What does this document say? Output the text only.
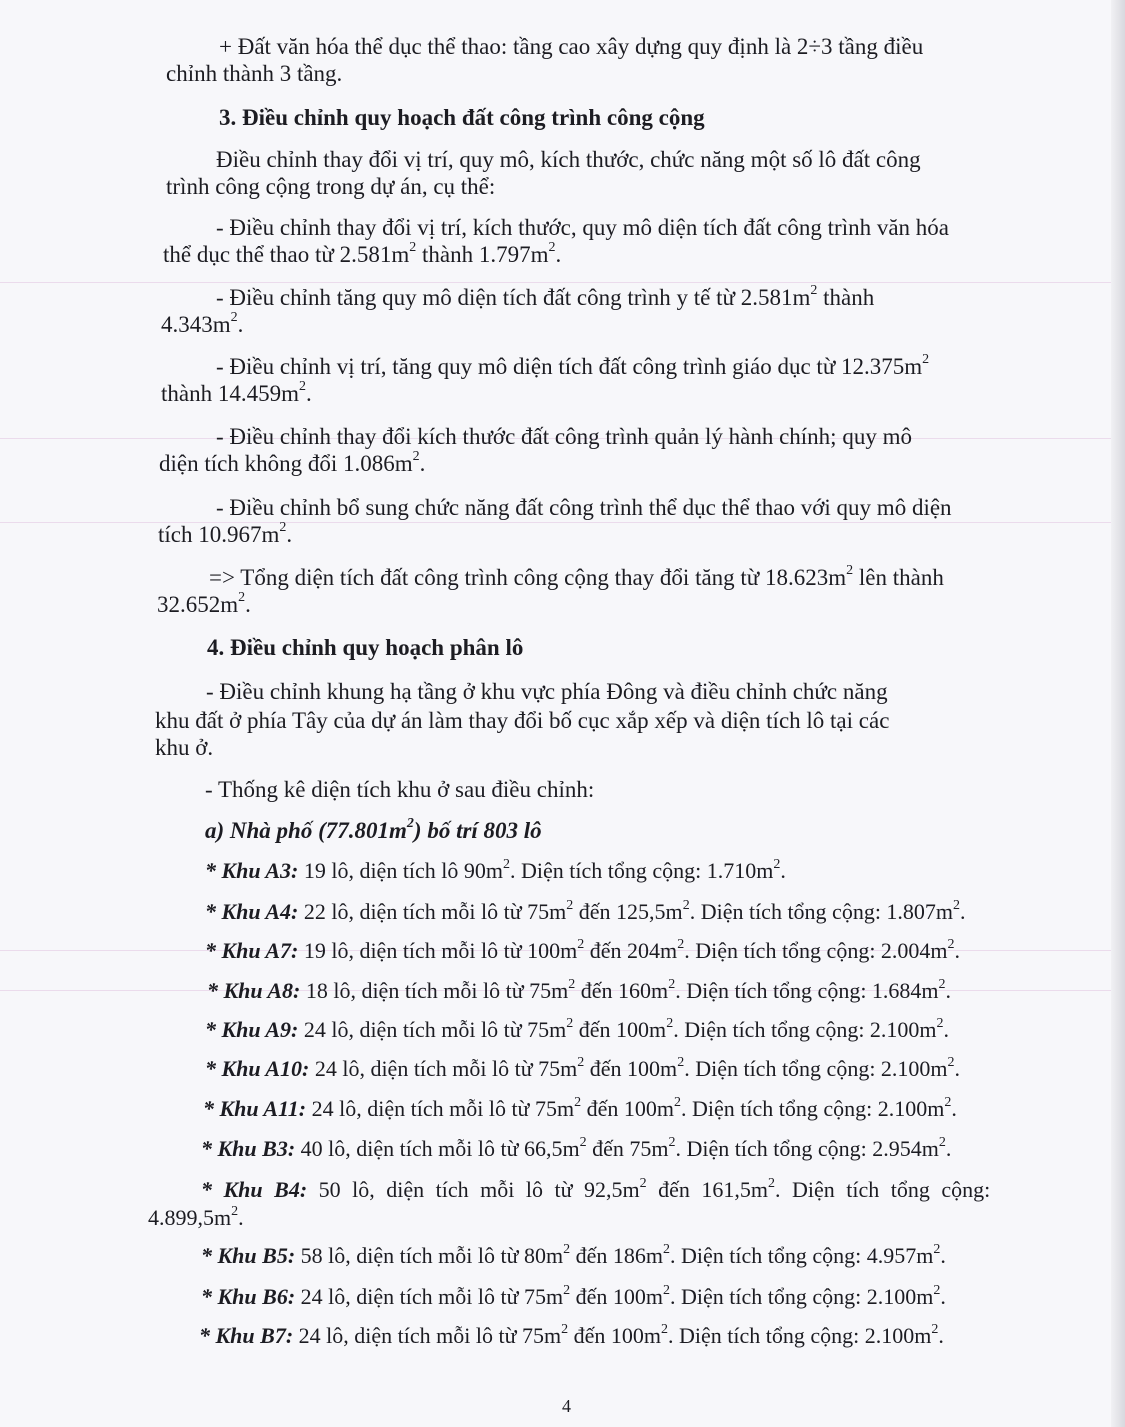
+ Đất văn hóa thể dục thể thao: tầng cao xây dựng quy định là 2÷3 tầng điều
chỉnh thành 3 tầng.
3. Điều chỉnh quy hoạch đất công trình công cộng
Điều chỉnh thay đổi vị trí, quy mô, kích thước, chức năng một số lô đất công
trình công cộng trong dự án, cụ thể:
- Điều chỉnh thay đổi vị trí, kích thước, quy mô diện tích đất công trình văn hóa
thể dục thể thao từ $2.581m^2$ thành $1.797m^2$.
- Điều chỉnh tăng quy mô diện tích đất công trình y tế từ $2.581m^2$ thành
$4.343m^2$.
- Điều chỉnh vị trí, tăng quy mô diện tích đất công trình giáo dục từ $12.375m^2$
thành $14.459m^2$.
- Điều chỉnh thay đổi kích thước đất công trình quản lý hành chính; quy mô
diện tích không đổi $1.086m^2$.
- Điều chỉnh bổ sung chức năng đất công trình thể dục thể thao với quy mô diện
tích $10.967m^2$.
=> Tổng diện tích đất công trình công cộng thay đổi tăng từ $18.623m^2$ lên thành
$32.652m^2$.
4. Điều chỉnh quy hoạch phân lô
- Điều chỉnh khung hạ tầng ở khu vực phía Đông và điều chỉnh chức năng
khu đất ở phía Tây của dự án làm thay đổi bố cục xắp xếp và diện tích lô tại các
khu ở.
- Thống kê diện tích khu ở sau điều chỉnh:
a) Nhà phố $(77.801m^2)$ bố trí 803 lô
* Khu A3: 19 lô, diện tích lô $90m^2$. Diện tích tổng cộng: $1.710m^2$.
* Khu A4: 22 lô, diện tích mỗi lô từ $75m^2$ đến $125,5m^2$. Diện tích tổng cộng: $1.807m^2$.
* Khu A7: 19 lô, diện tích mỗi lô từ $100m^2$ đến $204m^2$. Diện tích tổng cộng: $2.004m^2$.
* Khu A8: 18 lô, diện tích mỗi lô từ $75m^2$ đến $160m^2$. Diện tích tổng cộng: $1.684m^2$.
* Khu A9: 24 lô, diện tích mỗi lô từ $75m^2$ đến $100m^2$. Diện tích tổng cộng: $2.100m^2$.
* Khu A10: 24 lô, diện tích mỗi lô từ $75m^2$ đến $100m^2$. Diện tích tổng cộng: $2.100m^2$.
* Khu A11: 24 lô, diện tích mỗi lô từ $75m^2$ đến $100m^2$. Diện tích tổng cộng: $2.100m^2$.
* Khu B3: 40 lô, diện tích mỗi lô từ $66,5m^2$ đến $75m^2$. Diện tích tổng cộng: $2.954m^2$.
* Khu B4: 50 lô, diện tích mỗi lô từ $92,5m^2$ đến $161,5m^2$. Diện tích tổng cộng:
$4.899,5m^2$.
* Khu B5: 58 lô, diện tích mỗi lô từ $80m^2$ đến $186m^2$. Diện tích tổng cộng: $4.957m^2$.
* Khu B6: 24 lô, diện tích mỗi lô từ $75m^2$ đến $100m^2$. Diện tích tổng cộng: $2.100m^2$.
* Khu B7: 24 lô, diện tích mỗi lô từ $75m^2$ đến $100m^2$. Diện tích tổng cộng: $2.100m^2$.
4
